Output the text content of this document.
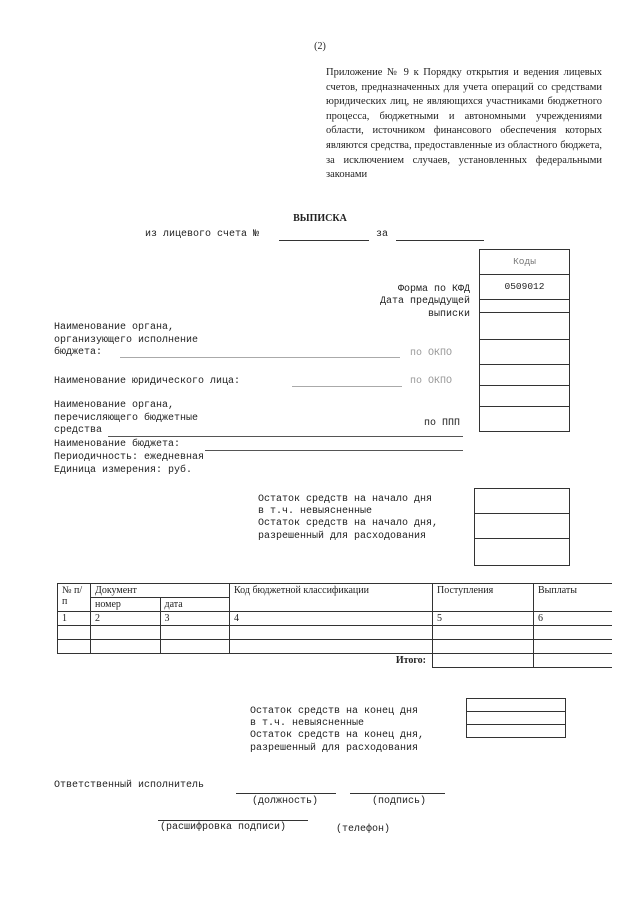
(2)
Приложение № 9 к Порядку открытия и ведения лицевых счетов, предназначенных для учета операций со средствами юридических лиц, не являющихся участниками бюджетного процесса, бюджетными и автономными учреждениями области, источником финансового обеспечения которых являются средства, предоставленные из областного бюджета, за исключением случаев, установленных федеральными законами
ВЫПИСКА
из лицевого счета №	за
Коды
0509012
Форма по КФД
Дата предыдущей выписки
Наименование органа, организующего исполнение бюджета:	по ОКПО
Наименование юридического лица:	по ОКПО
Наименование органа, перечисляющего бюджетные средства
по ППП
Наименование бюджета:
Периодичность: ежедневная
Единица измерения: руб.
Остаток средств на начало дня
в т.ч. невыясненные
Остаток средств на начало дня, разрешенный для расходования
№ п/п	Документ		Код бюджетной классификации	Поступления	Выплаты
	номер	дата			
1	2	3	4	5	6

Итого:					
Остаток средств на конец дня
в т.ч. невыясненные
Остаток средств на конец дня, разрешенный для расходования
Ответственный исполнитель
(должность)	(подпись)
(расшифровка подписи)	(телефон)
